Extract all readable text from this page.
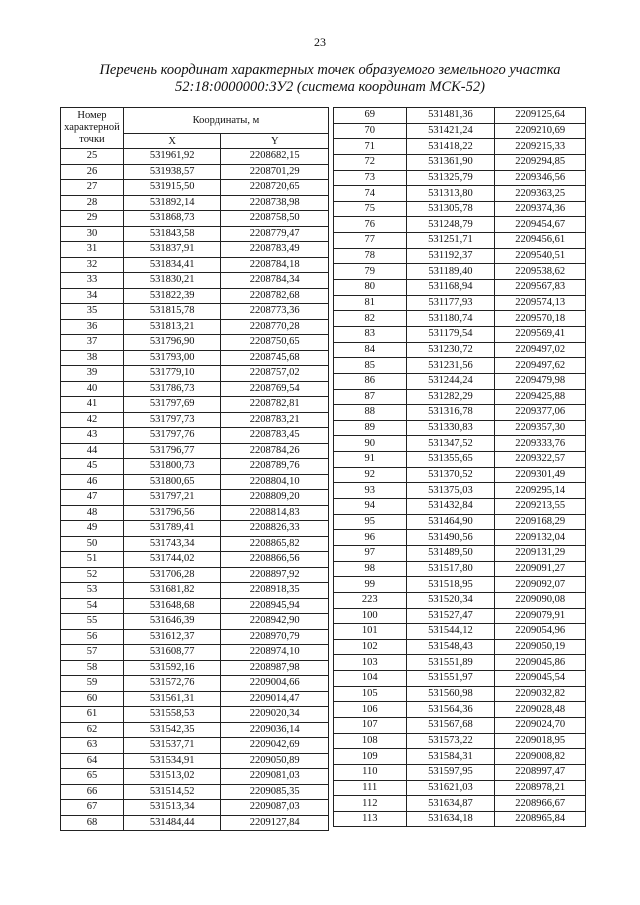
23
Перечень координат характерных точек образуемого земельного участка
52:18:0000000:ЗУ2 (система координат МСК-52)
Номер
характерной
точки	Координаты, м	
	X	Y
25	531961,92	2208682,15
26	531938,57	2208701,29
27	531915,50	2208720,65
28	531892,14	2208738,98
29	531868,73	2208758,50
30	531843,58	2208779,47
31	531837,91	2208783,49
32	531834,41	2208784,18
33	531830,21	2208784,34
34	531822,39	2208782,68
35	531815,78	2208773,36
36	531813,21	2208770,28
37	531796,90	2208750,65
38	531793,00	2208745,68
39	531779,10	2208757,02
40	531786,73	2208769,54
41	531797,69	2208782,81
42	531797,73	2208783,21
43	531797,76	2208783,45
44	531796,77	2208784,26
45	531800,73	2208789,76
46	531800,65	2208804,10
47	531797,21	2208809,20
48	531796,56	2208814,83
49	531789,41	2208826,33
50	531743,34	2208865,82
51	531744,02	2208866,56
52	531706,28	2208897,92
53	531681,82	2208918,35
54	531648,68	2208945,94
55	531646,39	2208942,90
56	531612,37	2208970,79
57	531608,77	2208974,10
58	531592,16	2208987,98
59	531572,76	2209004,66
60	531561,31	2209014,47
61	531558,53	2209020,34
62	531542,35	2209036,14
63	531537,71	2209042,69
64	531534,91	2209050,89
65	531513,02	2209081,03
66	531514,52	2209085,35
67	531513,34	2209087,03
68	531484,44	2209127,84
69	531481,36	2209125,64
70	531421,24	2209210,69
71	531418,22	2209215,33
72	531361,90	2209294,85
73	531325,79	2209346,56
74	531313,80	2209363,25
75	531305,78	2209374,36
76	531248,79	2209454,67
77	531251,71	2209456,61
78	531192,37	2209540,51
79	531189,40	2209538,62
80	531168,94	2209567,83
81	531177,93	2209574,13
82	531180,74	2209570,18
83	531179,54	2209569,41
84	531230,72	2209497,02
85	531231,56	2209497,62
86	531244,24	2209479,98
87	531282,29	2209425,88
88	531316,78	2209377,06
89	531330,83	2209357,30
90	531347,52	2209333,76
91	531355,65	2209322,57
92	531370,52	2209301,49
93	531375,03	2209295,14
94	531432,84	2209213,55
95	531464,90	2209168,29
96	531490,56	2209132,04
97	531489,50	2209131,29
98	531517,80	2209091,27
99	531518,95	2209092,07
223	531520,34	2209090,08
100	531527,47	2209079,91
101	531544,12	2209054,96
102	531548,43	2209050,19
103	531551,89	2209045,86
104	531551,97	2209045,54
105	531560,98	2209032,82
106	531564,36	2209028,48
107	531567,68	2209024,70
108	531573,22	2209018,95
109	531584,31	2209008,82
110	531597,95	2208997,47
111	531621,03	2208978,21
112	531634,87	2208966,67
113	531634,18	2208965,84
